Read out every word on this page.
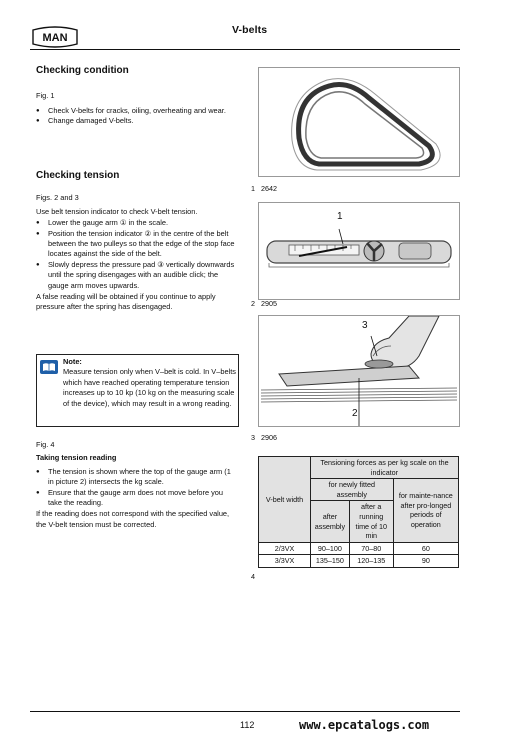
MAN
V-belts
Checking condition
Fig. 1
● Check V-belts for cracks, oiling, overheating and wear.
● Change damaged V-belts.
Checking tension
Figs. 2 and 3
Use belt tension indicator to check V-belt tension.
● Lower the gauge arm ① in the scale.
● Position the tension indicator ② in the centre of the belt between the two pulleys so that the edge of the stop face locates against the side of the belt.
● Slowly depress the pressure pad ③ vertically downwards until the spring disengages with an audible click; the gauge arm moves upwards.
A false reading will be obtained if you continue to apply pressure after the spring has disengaged.
Note:
Measure tension only when V–belt is cold. In V–belts which have reached operating temperature tension increases up to 10 kp (10 kg on the measuring scale of the device), which may result in a wrong reading.
Fig. 4
Taking tension reading
● The tension is shown where the top of the gauge arm (1 in picture 2) intersects the kg scale.
● Ensure that the gauge arm does not move before you take the reading.
If the reading does not correspond with the specified value, the V-belt tension must be corrected.
1 2642
1
2 2905
3
2
3 2906
V-belt width	Tensioning forces as per kg scale on the indicator		
	for newly fitted assembly		for mainte-nance after pro-longed periods of operation
	after assembly	after a running time of 10 min	
2/3VX	90–100	70–80	60
3/3VX	135–150	120–135	90
4
112	www.epcatalogs.com
